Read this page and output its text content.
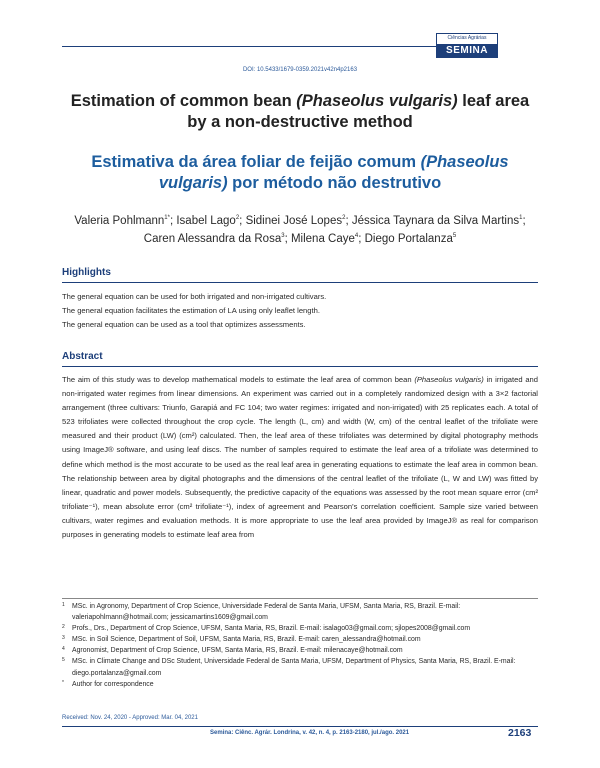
Ciências Agrárias
SEMINA
DOI: 10.5433/1679-0359.2021v42n4p2163
Estimation of common bean (Phaseolus vulgaris) leaf area by a non-destructive method
Estimativa da área foliar de feijão comum (Phaseolus vulgaris) por método não destrutivo
Valeria Pohlmann$^{1*}$; Isabel Lago$^2$; Sidinei José Lopes$^2$; Jéssica Taynara da Silva Martins$^1$; Caren Alessandra da Rosa$^3$; Milena Caye$^4$; Diego Portalanza$^5$
Highlights
The general equation can be used for both irrigated and non-irrigated cultivars.
The general equation facilitates the estimation of LA using only leaflet length.
The general equation can be used as a tool that optimizes assessments.
Abstract
The aim of this study was to develop mathematical models to estimate the leaf area of common bean (Phaseolus vulgaris) in irrigated and non-irrigated water regimes from linear dimensions. An experiment was carried out in a completely randomized design with a 3×2 factorial arrangement (three cultivars: Triunfo, Garapiá and FC 104; two water regimes: irrigated and non-irrigated) with 25 replicates each. A total of 523 trifoliates were collected throughout the crop cycle. The length (L, cm) and width (W, cm) of the central leaflet of the trifoliate were measured and their product (LW) (cm²) calculated. Then, the leaf area of these trifoliates was determined by digital photography methods using ImageJ® software, and using leaf discs. The number of samples required to estimate the leaf area of a trifoliate was determined to define which method is the most accurate to be used as the real leaf area in generating equations to estimate the leaf area in common bean. The relationship between area by digital photographs and the dimensions of the central leaflet of the trifoliate (L, W and LW) was fitted by linear, quadratic and power models. Subsequently, the predictive capacity of the equations was assessed by the root mean square error (cm² trifoliate⁻¹), mean absolute error (cm² trifoliate⁻¹), index of agreement and Pearson's correlation coefficient. Sample size varied between cultivars, water regimes and evaluation methods. It is more appropriate to use the leaf area provided by ImageJ® as real for comparison purposes in generating models to estimate leaf area from
1	MSc. in Agronomy, Department of Crop Science, Universidade Federal de Santa Maria, UFSM, Santa Maria, RS, Brazil. E-mail: valeriapohlmann@hotmail.com; jessicamartins1609@gmail.com
2	Profs., Drs., Department of Crop Science, UFSM, Santa Maria, RS, Brazil. E-mail: isalago03@gmail.com; sjlopes2008@gmail.com
3	MSc. in Soil Science, Department of Soil, UFSM, Santa Maria, RS, Brazil. E-mail: caren_alessandra@hotmail.com
4	Agronomist, Department of Crop Science, UFSM, Santa Maria, RS, Brazil. E-mail: milenacaye@hotmail.com
5	MSc. in Climate Change and DSc Student, Universidade Federal de Santa Maria, UFSM, Department of Physics, Santa Maria, RS, Brazil. E-mail: diego.portalanza@gmail.com
*	Author for correspondence
Received: Nov. 24, 2020 - Approved: Mar. 04, 2021
Semina: Ciênc. Agrár. Londrina, v. 42, n. 4, p. 2163-2180, jul./ago. 2021	2163
